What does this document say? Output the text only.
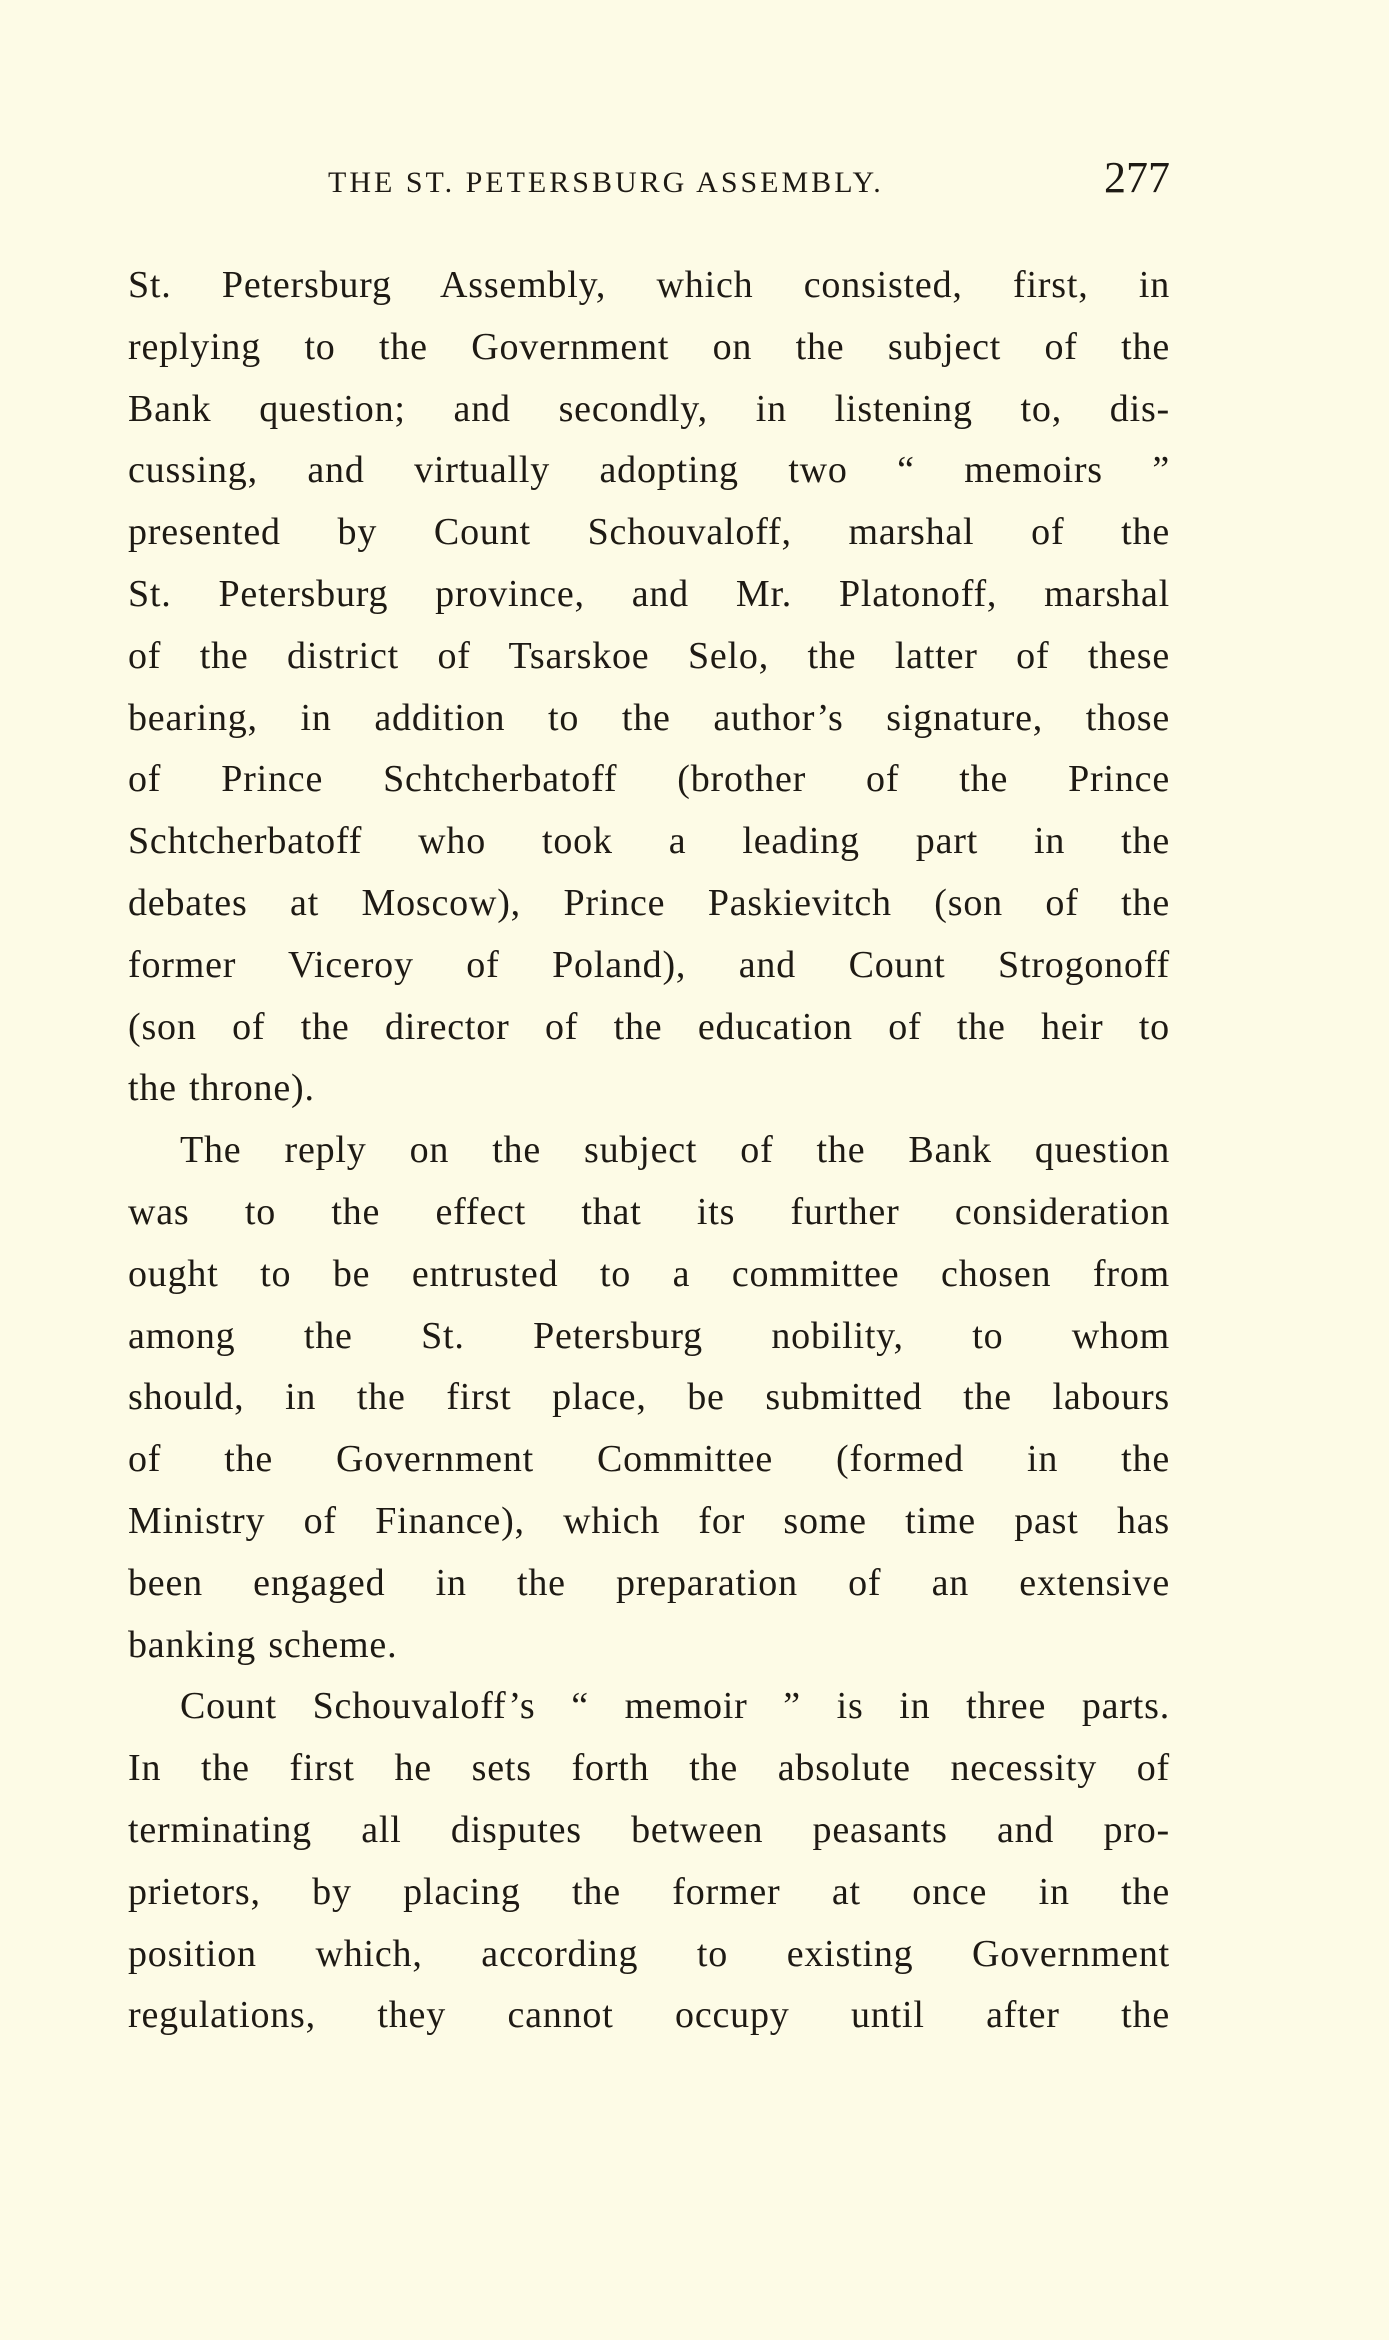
THE ST. PETERSBURG ASSEMBLY.	277
St. Petersburg Assembly, which consisted, first, in
replying to the Government on the subject of the
Bank question; and secondly, in listening to, dis-
cussing, and virtually adopting two “ memoirs ”
presented by Count Schouvaloff, marshal of the
St. Petersburg province, and Mr. Platonoff, marshal
of the district of Tsarskoe Selo, the latter of these
bearing, in addition to the author’s signature, those
of Prince Schtcherbatoff (brother of the Prince
Schtcherbatoff who took a leading part in the
debates at Moscow), Prince Paskievitch (son of the
former Viceroy of Poland), and Count Strogonoff
(son of the director of the education of the heir to
the throne).
The reply on the subject of the Bank question
was to the effect that its further consideration
ought to be entrusted to a committee chosen from
among the St. Petersburg nobility, to whom
should, in the first place, be submitted the labours
of the Government Committee (formed in the
Ministry of Finance), which for some time past has
been engaged in the preparation of an extensive
banking scheme.
Count Schouvaloff’s “ memoir ” is in three parts.
In the first he sets forth the absolute necessity of
terminating all disputes between peasants and pro-
prietors, by placing the former at once in the
position which, according to existing Government
regulations, they cannot occupy until after the
